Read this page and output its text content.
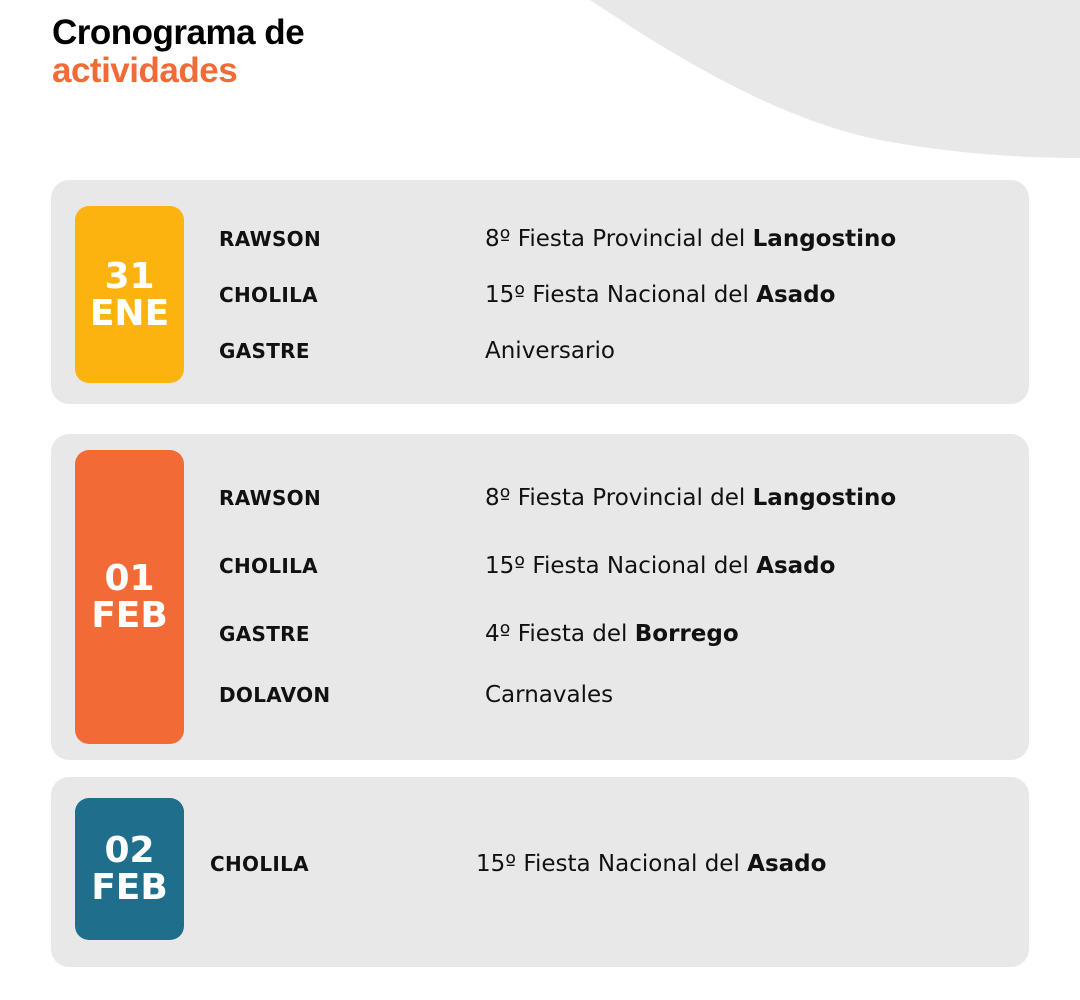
Cronograma de
actividades
31
ENE
RAWSON	8º Fiesta Provincial del Langostino
CHOLILA	15º Fiesta Nacional del Asado
GASTRE	Aniversario
01
FEB
RAWSON	8º Fiesta Provincial del Langostino
CHOLILA	15º Fiesta Nacional del Asado
GASTRE	4º Fiesta del Borrego
DOLAVON	Carnavales
02
FEB
CHOLILA	15º Fiesta Nacional del Asado
